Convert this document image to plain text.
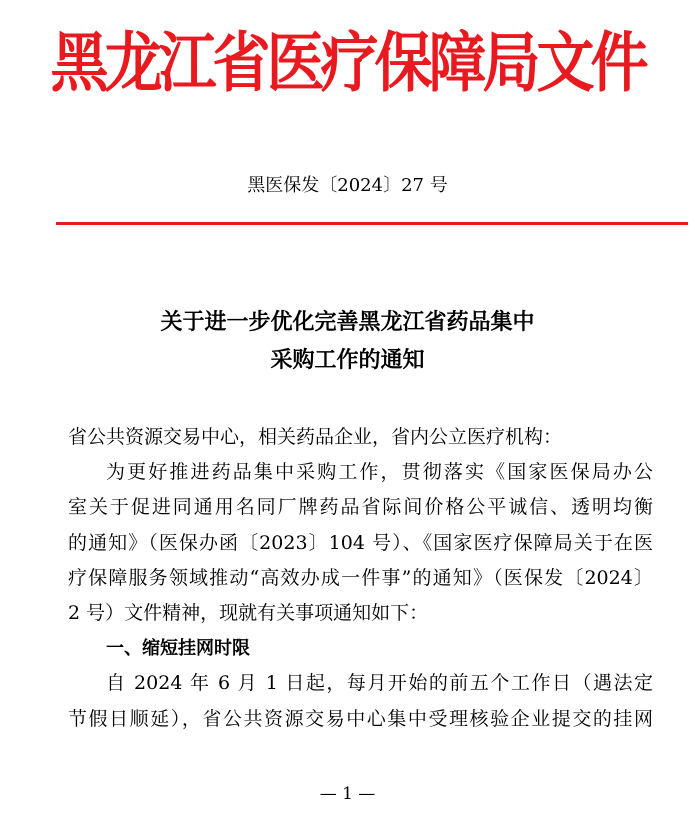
黑龙江省医疗保障局文件
黑医保发〔2024〕27 号
关于进一步优化完善黑龙江省药品集中
采购工作的通知
省公共资源交易中心，相关药品企业，省内公立医疗机构：
为更好推进药品集中采购工作，贯彻落实《国家医保局办公
室关于促进同通用名同厂牌药品省际间价格公平诚信、透明均衡
的通知》（医保办函〔2023〕104 号）、《国家医疗保障局关于在医
疗保障服务领域推动“高效办成一件事”的通知》（医保发〔2024〕
2 号）文件精神，现就有关事项通知如下：
一、缩短挂网时限
自 2024 年 6 月 1 日起，每月开始的前五个工作日（遇法定
节假日顺延），省公共资源交易中心集中受理核验企业提交的挂网
— 1 —
